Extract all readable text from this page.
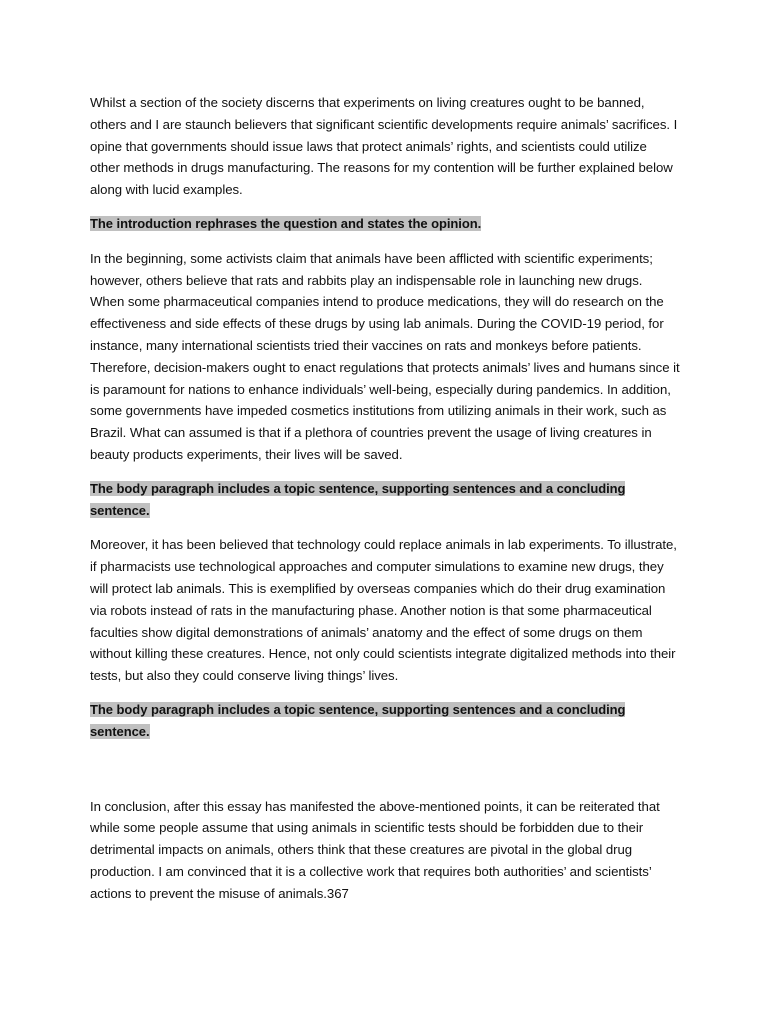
Whilst a section of the society discerns that experiments on living creatures ought to be banned, others and I are staunch believers that significant scientific developments require animals’ sacrifices. I opine that governments should issue laws that protect animals’ rights, and scientists could utilize other methods in drugs manufacturing. The reasons for my contention will be further explained below along with lucid examples.

The introduction rephrases the question and states the opinion.

In the beginning, some activists claim that animals have been afflicted with scientific experiments; however, others believe that rats and rabbits play an indispensable role in launching new drugs. When some pharmaceutical companies intend to produce medications, they will do research on the effectiveness and side effects of these drugs by using lab animals. During the COVID-19 period, for instance, many international scientists tried their vaccines on rats and monkeys before patients. Therefore, decision-makers ought to enact regulations that protects animals’ lives and humans since it is paramount for nations to enhance individuals’ well-being, especially during pandemics. In addition, some governments have impeded cosmetics institutions from utilizing animals in their work, such as Brazil. What can assumed is that if a plethora of countries prevent the usage of living creatures in beauty products experiments, their lives will be saved.

The body paragraph includes a topic sentence, supporting sentences and a concluding sentence.

Moreover, it has been believed that technology could replace animals in lab experiments. To illustrate, if pharmacists use technological approaches and computer simulations to examine new drugs, they will protect lab animals. This is exemplified by overseas companies which do their drug examination via robots instead of rats in the manufacturing phase. Another notion is that some pharmaceutical faculties show digital demonstrations of animals’ anatomy and the effect of some drugs on them without killing these creatures. Hence, not only could scientists integrate digitalized methods into their tests, but also they could conserve living things’ lives.

The body paragraph includes a topic sentence, supporting sentences and a concluding sentence.

In conclusion, after this essay has manifested the above-mentioned points, it can be reiterated that while some people assume that using animals in scientific tests should be forbidden due to their detrimental impacts on animals, others think that these creatures are pivotal in the global drug production. I am convinced that it is a collective work that requires both authorities’ and scientists’ actions to prevent the misuse of animals.367
